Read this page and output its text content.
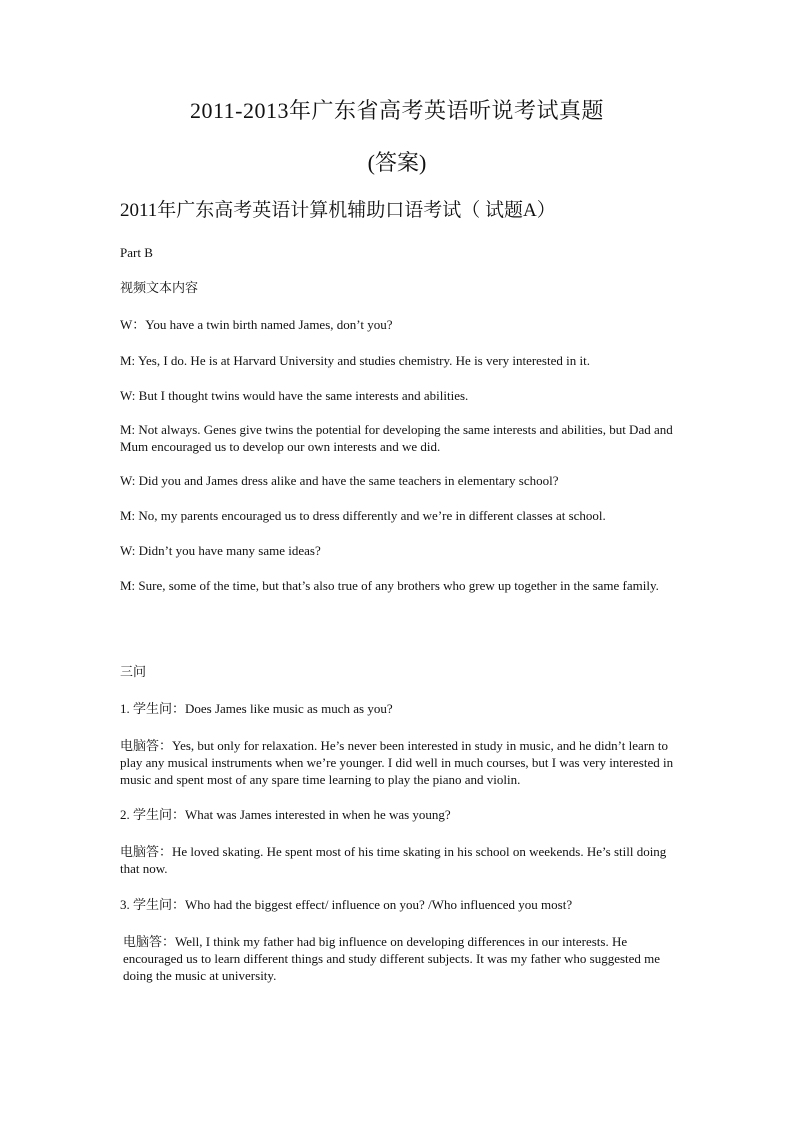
2011-2013年广东省高考英语听说考试真题
(答案)
2011年广东高考英语计算机辅助口语考试（ 试题A）

Part B

视频文本内容

W：You have a twin birth named James, don’t you?

M: Yes, I do. He is at Harvard University and studies chemistry. He is very interested in it.

W: But I thought twins would have the same interests and abilities.

M: Not always. Genes give twins the potential for developing the same interests and abilities, but Dad and Mum encouraged us to develop our own interests and we did.

W: Did you and James dress alike and have the same teachers in elementary school?

M: No, my parents encouraged us to dress differently and we’re in different classes at school.

W: Didn’t you have many same ideas?

M: Sure, some of the time, but that’s also true of any brothers who grew up together in the same family.

三问

1. 学生问：Does James like music as much as you?

电脑答：Yes, but only for relaxation. He’s never been interested in study in music, and he didn’t learn to play any musical instruments when we’re younger. I did well in much courses, but I was very interested in music and spent most of any spare time learning to play the piano and violin.

2. 学生问：What was James interested in when he was young?

电脑答：He loved skating. He spent most of his time skating in his school on weekends. He’s still doing that now.

3. 学生问：Who had the biggest effect/ influence on you? /Who influenced you most?

电脑答：Well, I think my father had big influence on developing differences in our interests. He encouraged us to learn different things and study different subjects. It was my father who suggested me doing the music at university.
